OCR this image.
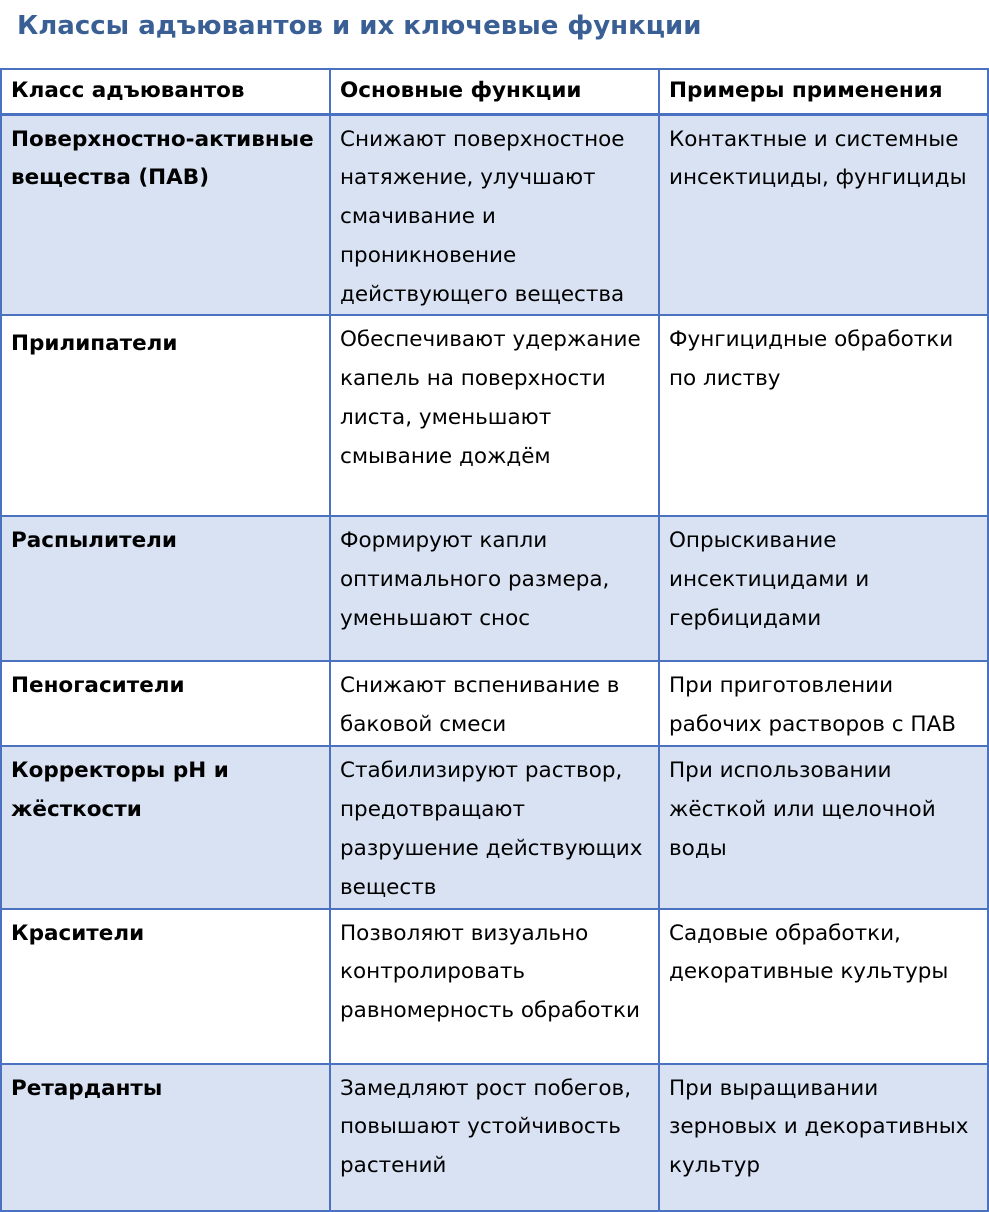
Классы адъювантов и их ключевые функции
Класс адъювантов	Основные функции	Примеры применения
Поверхностно-активные вещества (ПАВ)	Снижают поверхностное натяжение, улучшают смачивание и проникновение действующего вещества	Контактные и системные инсектициды, фунгициды
Прилипатели	Обеспечивают удержание капель на поверхности листа, уменьшают смывание дождём	Фунгицидные обработки по листву
Распылители	Формируют капли оптимального размера, уменьшают снос	Опрыскивание инсектицидами и гербицидами
Пеногасители	Снижают вспенивание в баковой смеси	При приготовлении рабочих растворов с ПАВ
Корректоры pH и жёсткости	Стабилизируют раствор, предотвращают разрушение действующих веществ	При использовании жёсткой или щелочной воды
Красители	Позволяют визуально контролировать равномерность обработки	Садовые обработки, декоративные культуры
Ретарданты	Замедляют рост побегов, повышают устойчивость растений	При выращивании зерновых и декоративных культур
